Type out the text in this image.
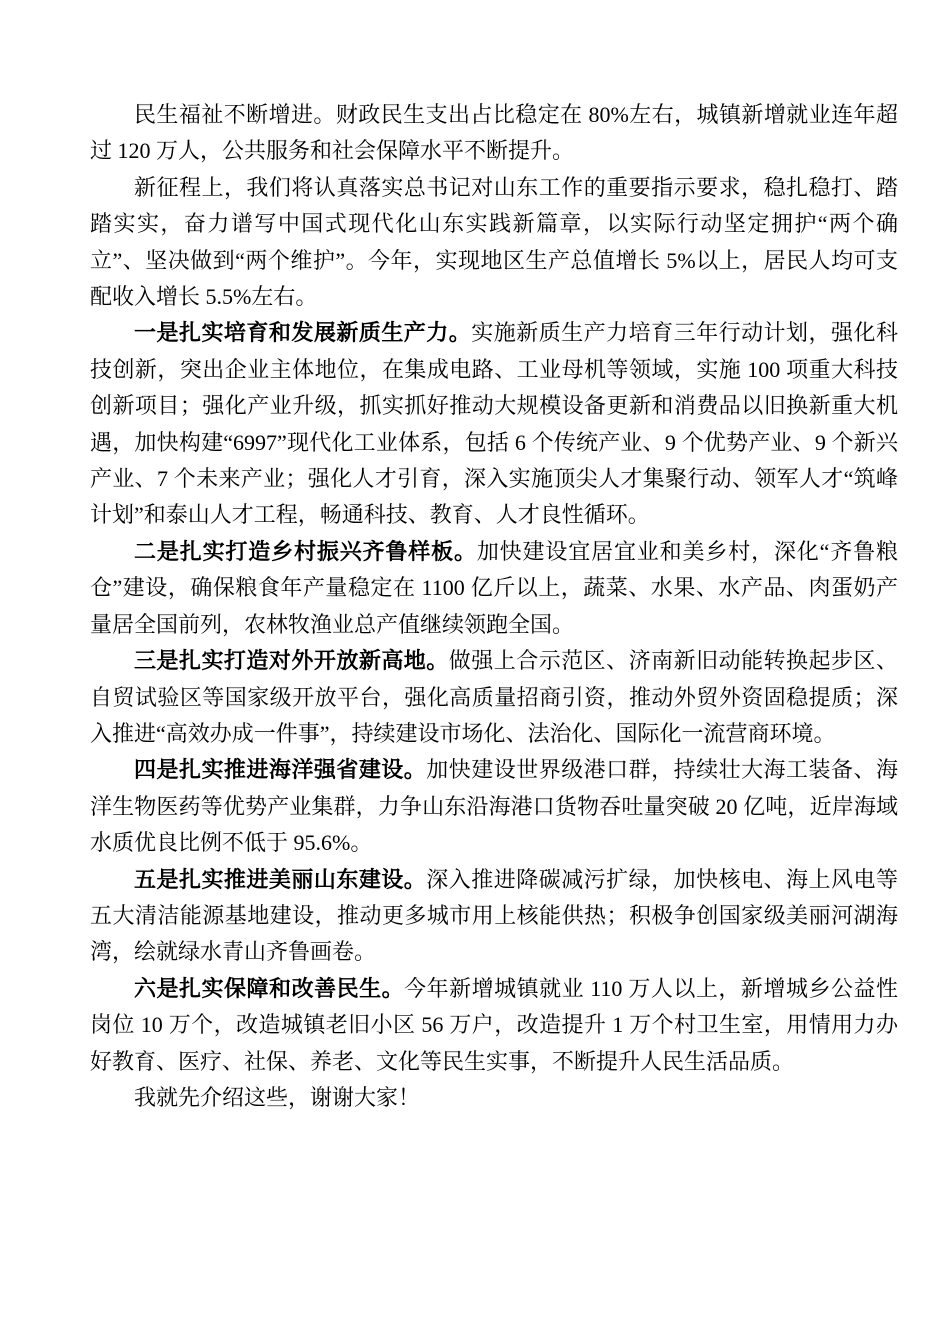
民生福祉不断增进。财政民生支出占比稳定在 80%左右，城镇新增就业连年超过 120 万人，公共服务和社会保障水平不断提升。

新征程上，我们将认真落实总书记对山东工作的重要指示要求，稳扎稳打、踏踏实实，奋力谱写中国式现代化山东实践新篇章，以实际行动坚定拥护“两个确立”、坚决做到“两个维护”。今年，实现地区生产总值增长 5%以上，居民人均可支配收入增长 5.5%左右。

一是扎实培育和发展新质生产力。实施新质生产力培育三年行动计划，强化科技创新，突出企业主体地位，在集成电路、工业母机等领域，实施 100 项重大科技创新项目；强化产业升级，抓实抓好推动大规模设备更新和消费品以旧换新重大机遇，加快构建“6997”现代化工业体系，包括 6 个传统产业、9 个优势产业、9 个新兴产业、7 个未来产业；强化人才引育，深入实施顶尖人才集聚行动、领军人才“筑峰计划”和泰山人才工程，畅通科技、教育、人才良性循环。

二是扎实打造乡村振兴齐鲁样板。加快建设宜居宜业和美乡村，深化“齐鲁粮仓”建设，确保粮食年产量稳定在 1100 亿斤以上，蔬菜、水果、水产品、肉蛋奶产量居全国前列，农林牧渔业总产值继续领跑全国。

三是扎实打造对外开放新高地。做强上合示范区、济南新旧动能转换起步区、自贸试验区等国家级开放平台，强化高质量招商引资，推动外贸外资固稳提质；深入推进“高效办成一件事”，持续建设市场化、法治化、国际化一流营商环境。

四是扎实推进海洋强省建设。加快建设世界级港口群，持续壮大海工装备、海洋生物医药等优势产业集群，力争山东沿海港口货物吞吐量突破 20 亿吨，近岸海域水质优良比例不低于 95.6%。

五是扎实推进美丽山东建设。深入推进降碳减污扩绿，加快核电、海上风电等五大清洁能源基地建设，推动更多城市用上核能供热；积极争创国家级美丽河湖海湾，绘就绿水青山齐鲁画卷。

六是扎实保障和改善民生。今年新增城镇就业 110 万人以上，新增城乡公益性岗位 10 万个，改造城镇老旧小区 56 万户，改造提升 1 万个村卫生室，用情用力办好教育、医疗、社保、养老、文化等民生实事，不断提升人民生活品质。

我就先介绍这些，谢谢大家！
